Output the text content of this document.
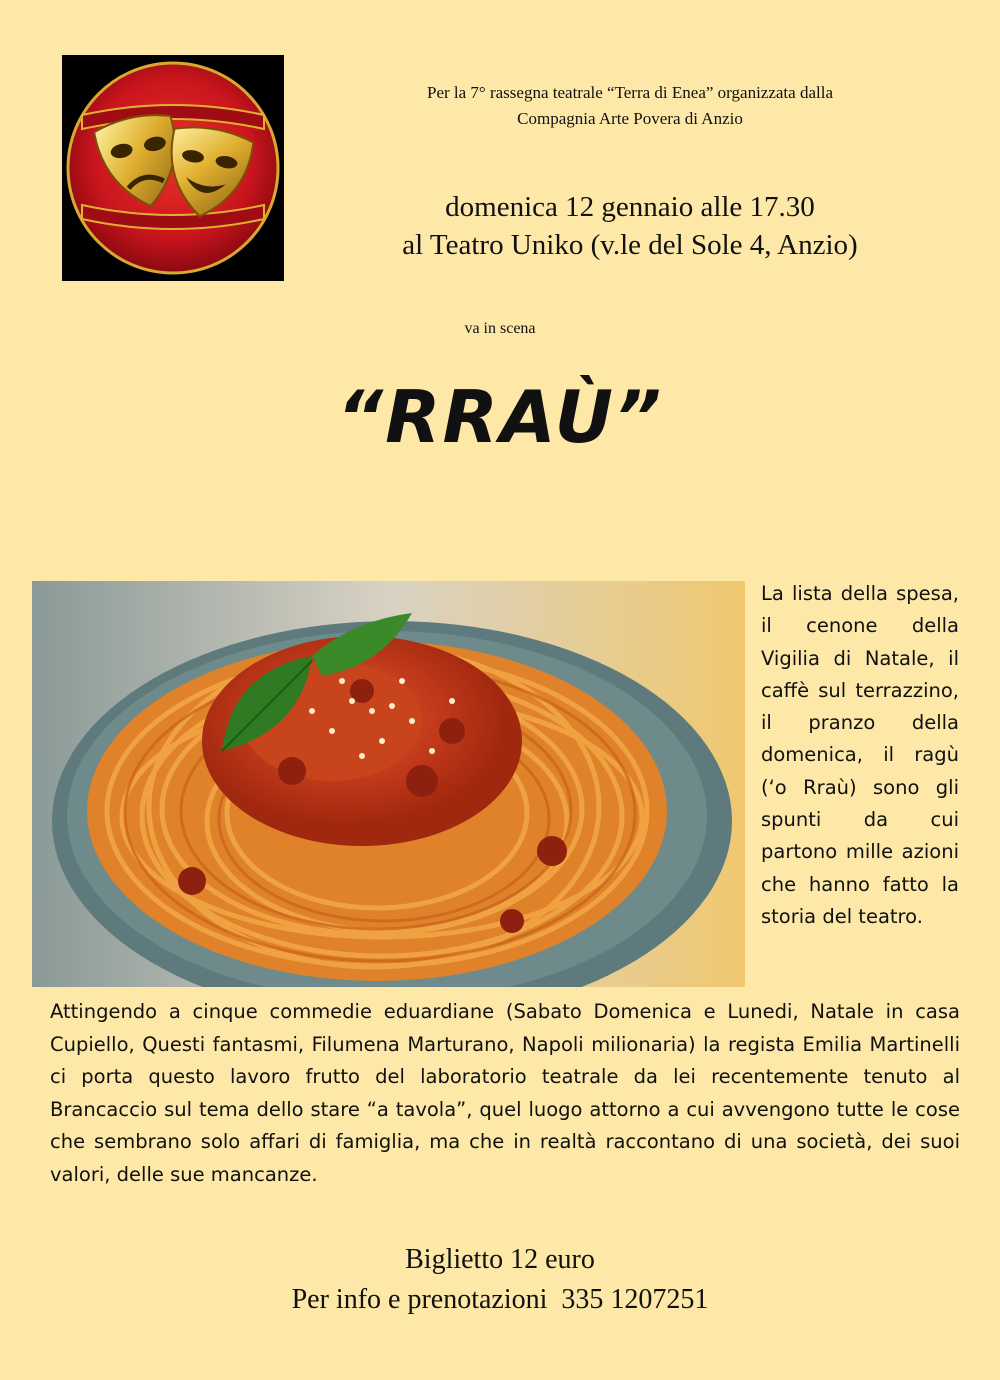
Per la 7° rassegna teatrale “Terra di Enea” organizzata dalla
Compagnia Arte Povera di Anzio
domenica 12 gennaio alle 17.30
al Teatro Uniko (v.le del Sole 4, Anzio)
va in scena
“RRAÙ”
La lista della spesa, il cenone della Vigilia di Natale, il caffè sul terrazzino, il pranzo della domenica, il ragù (‘o Rraù) sono gli spunti da cui partono mille azioni che hanno fatto la storia del teatro.
Attingendo a cinque commedie eduardiane (Sabato Domenica e Lunedi, Natale in casa Cupiello, Questi fantasmi, Filumena Marturano, Napoli milionaria) la regista Emilia Martinelli ci porta questo lavoro frutto del laboratorio teatrale da lei recentemente tenuto al Brancaccio sul tema dello stare “a tavola”, quel luogo attorno a cui avvengono tutte le cose che sembrano solo affari di famiglia, ma che in realtà raccontano di una società, dei suoi valori, delle sue mancanze.
Biglietto 12 euro
Per info e prenotazioni  335 1207251
